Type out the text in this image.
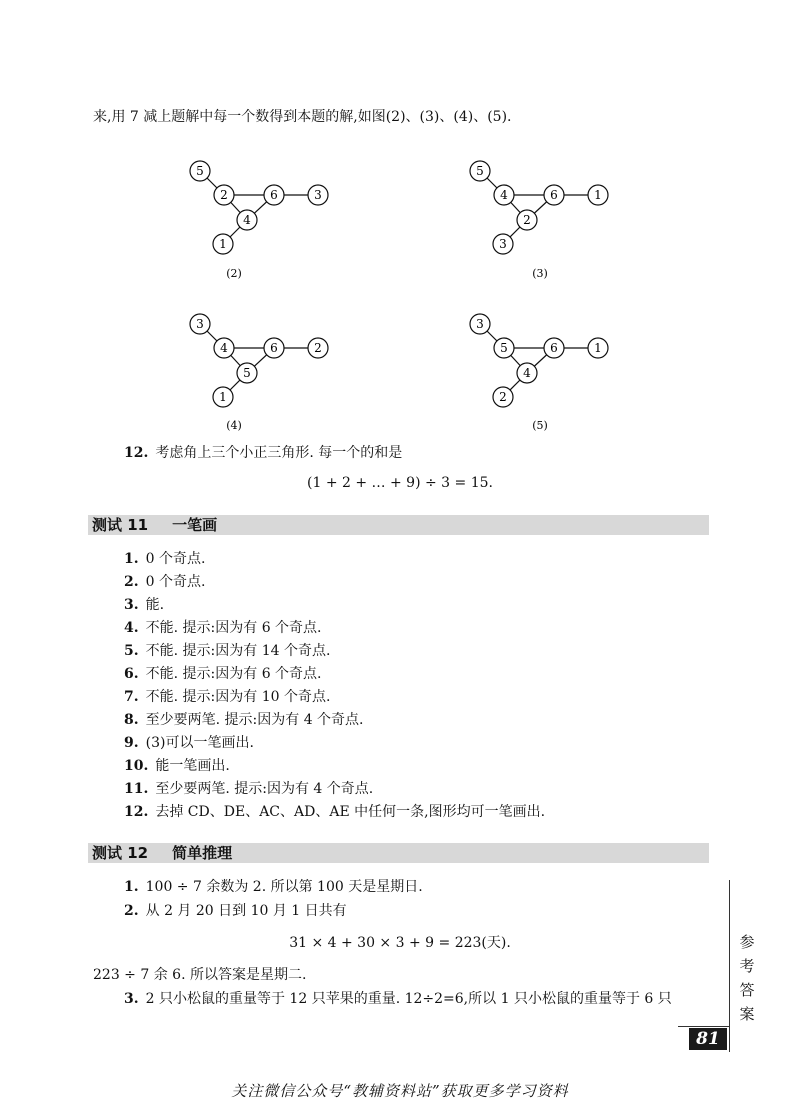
来,用 7 减上题解中每一个数得到本题的解,如图(2)、(3)、(4)、(5).
5
2	6	3
4
1
(2)
5
4	6	1
2
3
(3)
3
4	6	2
5
1
(4)
3
5	6	1
4
2
(5)
12. 考虑角上三个小正三角形. 每一个的和是
(1 + 2 + … + 9) ÷ 3 = 15.
测试 11 一笔画
1. 0 个奇点.
2. 0 个奇点.
3. 能.
4. 不能. 提示:因为有 6 个奇点.
5. 不能. 提示:因为有 14 个奇点.
6. 不能. 提示:因为有 6 个奇点.
7. 不能. 提示:因为有 10 个奇点.
8. 至少要两笔. 提示:因为有 4 个奇点.
9. (3)可以一笔画出.
10. 能一笔画出.
11. 至少要两笔. 提示:因为有 4 个奇点.
12. 去掉 CD、DE、AC、AD、AE 中任何一条,图形均可一笔画出.
测试 12 简单推理
1. 100 ÷ 7 余数为 2. 所以第 100 天是星期日.
2. 从 2 月 20 日到 10 月 1 日共有
31 × 4 + 30 × 3 + 9 = 223(天).
223 ÷ 7 余 6. 所以答案是星期二.
3. 2 只小松鼠的重量等于 12 只苹果的重量. 12÷2=6,所以 1 只小松鼠的重量等于 6 只
参
考
答
案
81
关注微信公众号“教辅资料站”获取更多学习资料
